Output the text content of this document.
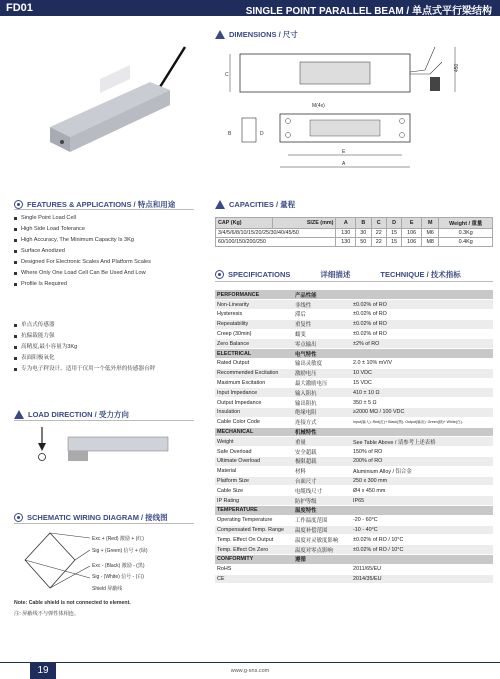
FD01	SINGLE POINT PARALLEL BEAM / 单点式平行梁结构
DIMENSIONS / 尺寸
C
450
M(4x)
B	D
E
A
FEATURES & APPLICATIONS / 特点和用途
Single Point Load Cell
High Side Load Tolerance
High Accuracy, The Minimum Capacity Is 3Kg
Surface Anodized
Designed For Electronic Scales And Platform Scales
Where Only One Load Cell Can Be Used And Low
Profile Is Required
单点式传感器
抗偏载能力强
高精度,最小容量为3Kg
表面阳极氧化
专为电子秤设计、适用于仅用一个低外形的传感器台秤
CAPACITIES / 量程
CAP (Kg)	SIZE (mm)	A	B	C	D	E	M	Weight / 重量
3/4/5/6/8/10/15/20/25/30/40/45/50		130	30	22	15	106	M6	0.3Kg
60/100/150/200/250		130	50	22	15	106	M8	0.4Kg
SPECIFICATIONS	详细描述	TECHNIQUE / 技术指标
PERFORMANCE	产品性能	
Non-Linearity	非线性	±0.02% of RO
Hysteresis	滞后	±0.02% of RO
Repeatability	重复性	±0.02% of RO
Creep (30min)	蠕变	±0.02% of RO
Zero Balance	零点输出	±2% of RO
ELECTRICAL	电气特性	
Rated Output	输出灵敏度	2.0 ± 10% mV/V
Recommended Excitation	激励电压	10 VDC
Maximum Excitation	最大激励电压	15 VDC
Input Impedance	输入阻抗	410 ± 10 Ω
Output Impedance	输出阻抗	350 ± 5 Ω
Insulation	绝缘电阻	≥2000 MΩ / 100 VDC
Cable Color Code	连接方式	Input(输入): Red(红)+ Black(黑)- Output(输出): Green(绿)+ White(白)-
MECHANICAL	机械特性	
Weight	重量	See Table Above / 请参考上述表格
Safe Overload	安全超载	150% of RO
Ultimate Overload	极限超载	200% of RO
Material	材料	Aluminium Alloy / 铝合金
Platform Size	台面尺寸	250 x 300 mm
Cable Size	电缆线尺寸	Ø4 x 450 mm
IP Rating	防护等级	IP65
TEMPERATURE	温度特性	
Operating Temperature	工作温度范围	-20 - 60°C
Compensated Temp. Range	温度补偿范围	-10 - 40°C
Temp. Effect On Output	温度对灵敏度影响	±0.02% of RO / 10°C
Temp. Effect On Zero	温度对零点影响	±0.02% of RO / 10°C
CONFORMITY	遵循	
RoHS		2011/65/EU
CE		2014/35/EU
LOAD DIRECTION / 受力方向
SCHEMATIC WIRING DIAGRAM / 接线图
Exc + (Red) 激励 + (红)
Sig + (Green) 信号 + (绿)
Exc - (Black) 激励 - (黑)
Sig - (White) 信号 - (白)
Shield 屏蔽线
Note: Cable shield is not connected to element.
注: 屏蔽线不与弹性体相连。
19	www.g-sns.com
